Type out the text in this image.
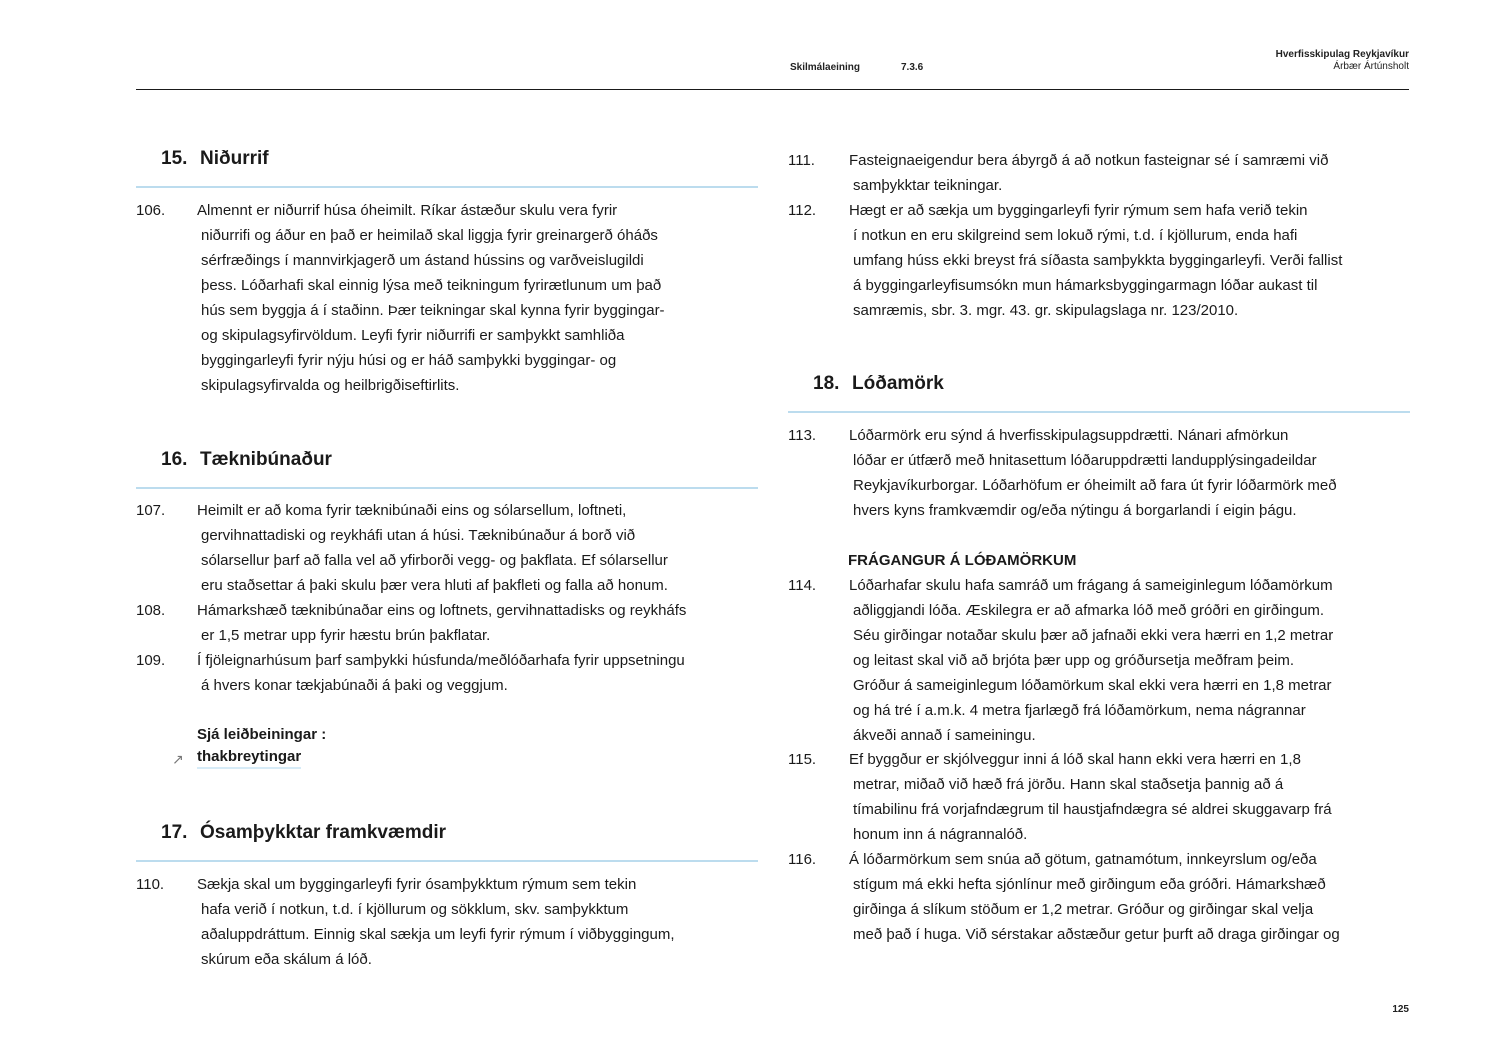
Skilmálaeining	7.3.6
Hverfisskipulag Reykjavíkur
Árbær Ártúnsholt
15. Niðurrif
106. Almennt er niðurrif húsa óheimilt. Ríkar ástæður skulu vera fyrir
niðurrifi og áður en það er heimilað skal liggja fyrir greinargerð óháðs
sérfræðings í mannvirkjagerð um ástand hússins og varðveislugildi
þess. Lóðarhafi skal einnig lýsa með teikningum fyrirætlunum um það
hús sem byggja á í staðinn. Þær teikningar skal kynna fyrir byggingar-
og skipulagsyfirvöldum. Leyfi fyrir niðurrifi er samþykkt samhliða
byggingarleyfi fyrir nýju húsi og er háð samþykki byggingar- og
skipulagsyfirvalda og heilbrigðiseftirlits.
16. Tæknibúnaður
107. Heimilt er að koma fyrir tæknibúnaði eins og sólarsellum, loftneti,
gervihnattadiski og reykháfi utan á húsi. Tæknibúnaður á borð við
sólarsellur þarf að falla vel að yfirborði vegg- og þakflata. Ef sólarsellur
eru staðsettar á þaki skulu þær vera hluti af þakfleti og falla að honum.
108. Hámarkshæð tæknibúnaðar eins og loftnets, gervihnattadisks og reykháfs
er 1,5 metrar upp fyrir hæstu brún þakflatar.
109. Í fjöleignarhúsum þarf samþykki húsfunda/meðlóðarhafa fyrir uppsetningu
á hvers konar tækjabúnaði á þaki og veggjum.
Sjá leiðbeiningar :
↗ thakbreytingar
17. Ósamþykktar framkvæmdir
110. Sækja skal um byggingarleyfi fyrir ósamþykktum rýmum sem tekin
hafa verið í notkun, t.d. í kjöllurum og sökklum, skv. samþykktum
aðaluppdráttum. Einnig skal sækja um leyfi fyrir rýmum í viðbyggingum,
skúrum eða skálum á lóð.
111. Fasteignaeigendur bera ábyrgð á að notkun fasteignar sé í samræmi við
samþykktar teikningar.
112. Hægt er að sækja um byggingarleyfi fyrir rýmum sem hafa verið tekin
í notkun en eru skilgreind sem lokuð rými, t.d. í kjöllurum, enda hafi
umfang húss ekki breyst frá síðasta samþykkta byggingarleyfi. Verði fallist
á byggingarleyfisumsókn mun hámarksbyggingarmagn lóðar aukast til
samræmis, sbr. 3. mgr. 43. gr. skipulagslaga nr. 123/2010.
18. Lóðamörk
113. Lóðarmörk eru sýnd á hverfisskipulagsuppdrætti. Nánari afmörkun
lóðar er útfærð með hnitasettum lóðaruppdrætti landupplýsingadeildar
Reykjavíkurborgar. Lóðarhöfum er óheimilt að fara út fyrir lóðarmörk með
hvers kyns framkvæmdir og/eða nýtingu á borgarlandi í eigin þágu.
FRÁGANGUR Á LÓÐAMÖRKUM
114. Lóðarhafar skulu hafa samráð um frágang á sameiginlegum lóðamörkum
aðliggjandi lóða. Æskilegra er að afmarka lóð með gróðri en girðingum.
Séu girðingar notaðar skulu þær að jafnaði ekki vera hærri en 1,2 metrar
og leitast skal við að brjóta þær upp og gróðursetja meðfram þeim.
Gróður á sameiginlegum lóðamörkum skal ekki vera hærri en 1,8 metrar
og há tré í a.m.k. 4 metra fjarlægð frá lóðamörkum, nema nágrannar
ákveði annað í sameiningu.
115. Ef byggður er skjólveggur inni á lóð skal hann ekki vera hærri en 1,8
metrar, miðað við hæð frá jörðu. Hann skal staðsetja þannig að á
tímabilinu frá vorjafndægrum til haustjafndægra sé aldrei skuggavarp frá
honum inn á nágrannalóð.
116. Á lóðarmörkum sem snúa að götum, gatnamótum, innkeyrslum og/eða
stígum má ekki hefta sjónlínur með girðingum eða gróðri. Hámarkshæð
girðinga á slíkum stöðum er 1,2 metrar. Gróður og girðingar skal velja
með það í huga. Við sérstakar aðstæður getur þurft að draga girðingar og
125
